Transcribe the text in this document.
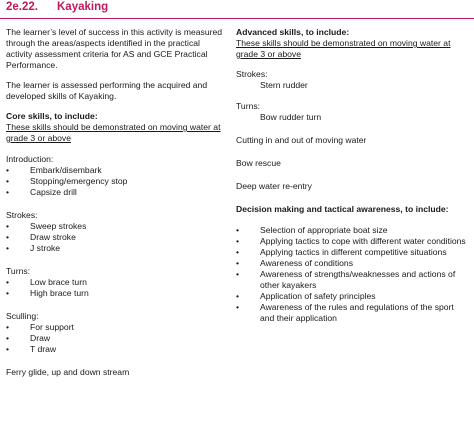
2e.22. Kayaking

The learner’s level of success in this activity is measured through the areas/aspects identified in the practical activity assessment criteria for AS and GCE Practical Performance.

The learner is assessed performing the acquired and developed skills of Kayaking.

Core skills, to include:

These skills should be demonstrated on moving water at grade 3 or above

Introduction:

• Embark/disembark
• Stopping/emergency stop
• Capsize drill

Strokes:

• Sweep strokes
• Draw stroke
• J stroke

Turns:

• Low brace turn
• High brace turn

Sculling:

• For support
• Draw
• T draw

Ferry glide, up and down stream

Advanced skills, to include:

These skills should be demonstrated on moving water at grade 3 or above

Strokes:

Stern rudder

Turns:

Bow rudder turn

Cutting in and out of moving water

Bow rescue

Deep water re-entry

Decision making and tactical awareness, to include:

• Selection of appropriate boat size
• Applying tactics to cope with different water conditions
• Applying tactics in different competitive situations
• Awareness of conditions
• Awareness of strengths/weaknesses and actions of other kayakers
• Application of safety principles
• Awareness of the rules and regulations of the sport and their application
